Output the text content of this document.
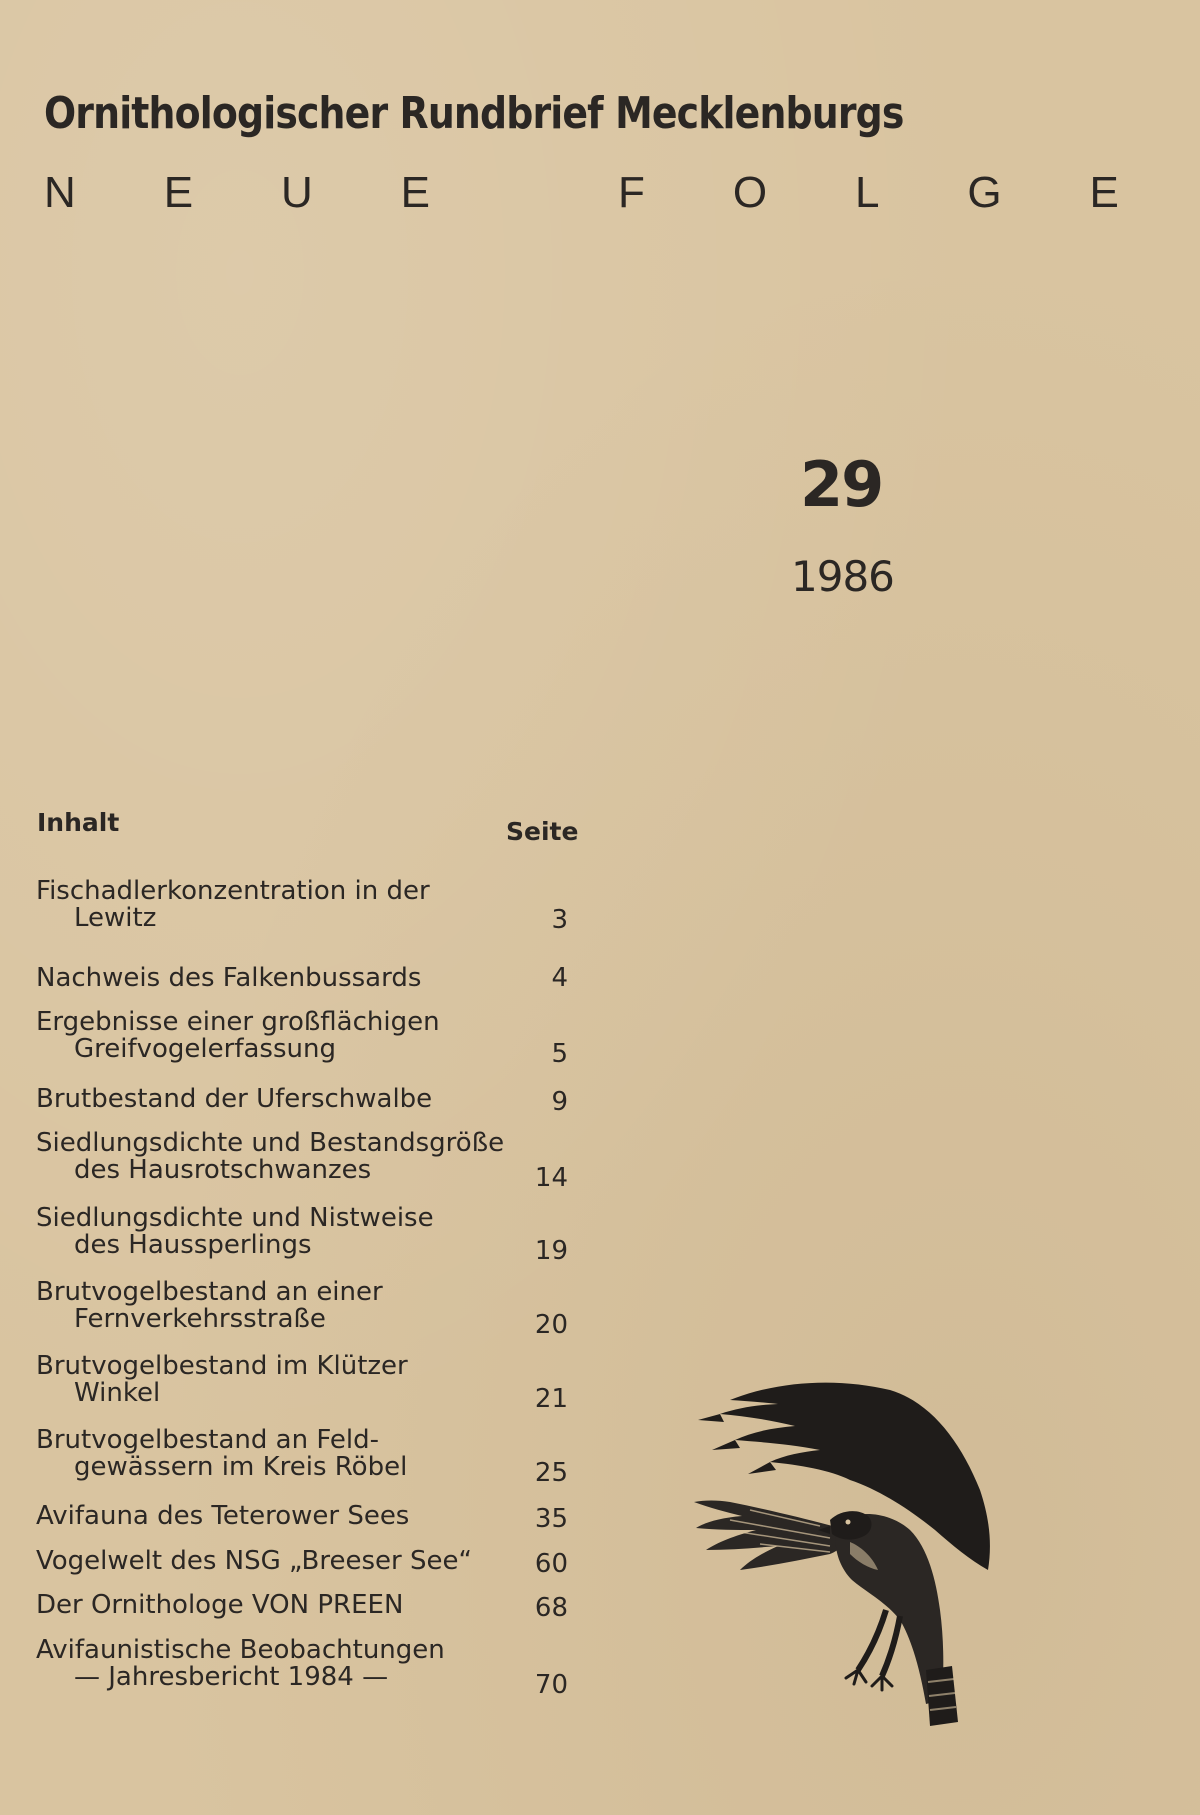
Ornithologischer Rundbrief Mecklenburgs
N E U E
	F O L G E
29
1986
Inhalt	Seite
Fischadlerkonzentration in der
Lewitz	3
Nachweis des Falkenbussards	4
Ergebnisse einer großflächigen
Greifvogelerfassung	5
Brutbestand der Uferschwalbe	9
Siedlungsdichte und Bestandsgröße
des Hausrotschwanzes	14
Siedlungsdichte und Nistweise
des Haussperlings	19
Brutvogelbestand an einer
Fernverkehrsstraße	20
Brutvogelbestand im Klützer
Winkel	21
Brutvogelbestand an Feld-
gewässern im Kreis Röbel	25
Avifauna des Teterower Sees	35
Vogelwelt des NSG „Breeser See“ 60
Der Ornithologe VON PREEN	68
Avifaunistische Beobachtungen
— Jahresbericht 1984 —	70
